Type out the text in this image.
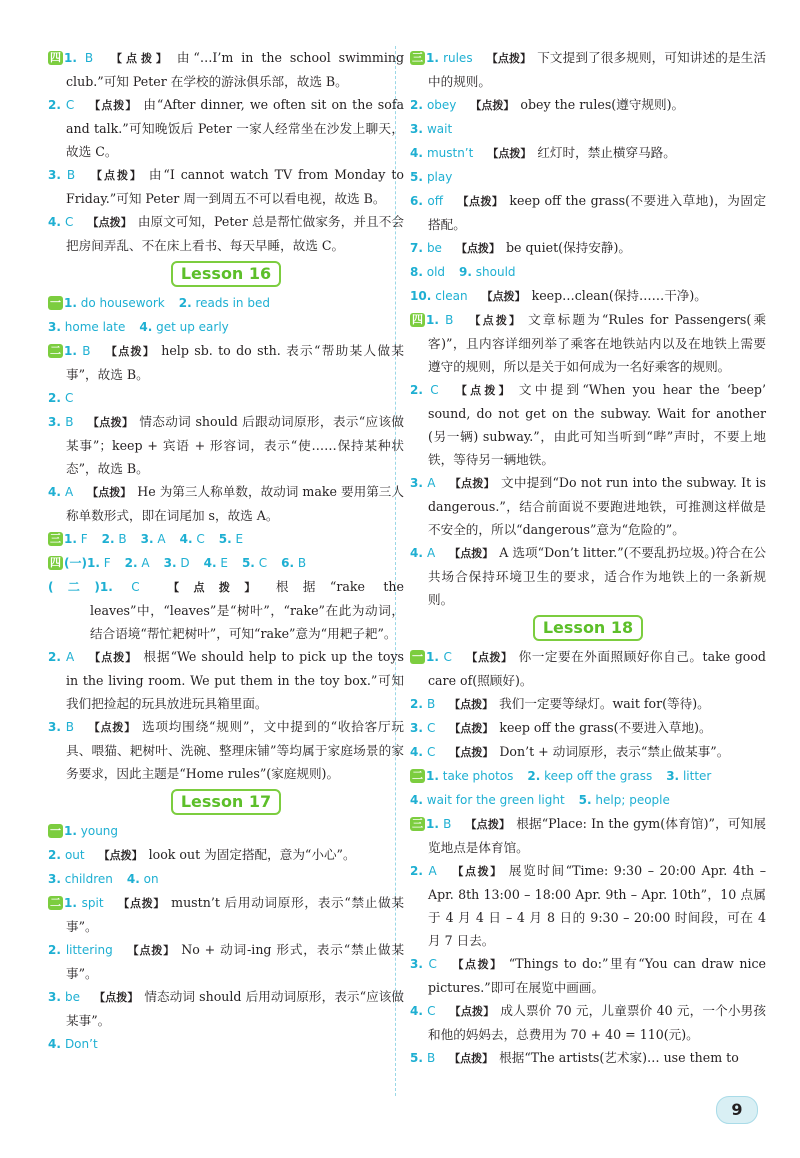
四 1. B 【点拨】 由“…I’m in the school swimming club.”可知 Peter 在学校的游泳俱乐部，故选 B。

2. C 【点拨】 由“After dinner, we often sit on the sofa and talk.”可知晚饭后 Peter 一家人经常坐在沙发上聊天，故选 C。

3. B 【点拨】 由“I cannot watch TV from Monday to Friday.”可知 Peter 周一到周五不可以看电视，故选 B。

4. C 【点拨】 由原文可知，Peter 总是帮忙做家务，并且不会把房间弄乱、不在床上看书、每天早睡，故选 C。

Lesson 16

一 1. do housework 2. reads in bed

3. home late 4. get up early

二 1. B 【点拨】 help sb. to do sth. 表示“帮助某人做某事”，故选 B。

2. C

3. B 【点拨】 情态动词 should 后跟动词原形，表示“应该做某事”；keep + 宾语 + 形容词，表示“使……保持某种状态”，故选 B。

4. A 【点拨】 He 为第三人称单数，故动词 make 要用第三人称单数形式，即在词尾加 s，故选 A。

三 1. F 2. B 3. A 4. C 5. E

四 (一)1. F 2. A 3. D 4. E 5. C 6. B

(二)1. C 【点拨】 根据“rake the leaves”中，“leaves”是“树叶”，“rake”在此为动词，结合语境“帮忙耙树叶”，可知“rake”意为“用耙子耙”。

2. A 【点拨】 根据“We should help to pick up the toys in the living room. We put them in the toy box.”可知我们把捡起的玩具放进玩具箱里面。

3. B 【点拨】 选项均围绕“规则”，文中提到的“收拾客厅玩具、喂猫、耙树叶、洗碗、整理床铺”等均属于家庭场景的家务要求，因此主题是“Home rules”(家庭规则)。

Lesson 17

一 1. young

2. out 【点拨】 look out 为固定搭配，意为“小心”。

3. children 4. on

二 1. spit 【点拨】 mustn’t 后用动词原形，表示“禁止做某事”。

2. littering 【点拨】 No + 动词-ing 形式，表示“禁止做某事”。

3. be 【点拨】 情态动词 should 后用动词原形，表示“应该做某事”。

4. Don’t

三 1. rules 【点拨】 下文提到了很多规则，可知讲述的是生活中的规则。

2. obey 【点拨】 obey the rules(遵守规则)。

3. wait

4. mustn’t 【点拨】 红灯时，禁止横穿马路。

5. play

6. off 【点拨】 keep off the grass(不要进入草地)，为固定搭配。

7. be 【点拨】 be quiet(保持安静)。

8. old 9. should

10. clean 【点拨】 keep…clean(保持……干净)。

四 1. B 【点拨】 文章标题为“Rules for Passengers(乘客)”，且内容详细列举了乘客在地铁站内以及在地铁上需要遵守的规则，所以是关于如何成为一名好乘客的规则。

2. C 【点拨】 文中提到“When you hear the ‘beep’ sound, do not get on the subway. Wait for another (另一辆) subway.”，由此可知当听到“哔”声时，不要上地铁，等待另一辆地铁。

3. A 【点拨】 文中提到“Do not run into the subway. It is dangerous.”，结合前面说不要跑进地铁，可推测这样做是不安全的，所以“dangerous”意为“危险的”。

4. A 【点拨】 A 选项“Don’t litter.”(不要乱扔垃圾。)符合在公共场合保持环境卫生的要求，适合作为地铁上的一条新规则。

Lesson 18

一 1. C 【点拨】 你一定要在外面照顾好你自己。take good care of(照顾好)。

2. B 【点拨】 我们一定要等绿灯。wait for(等待)。

3. C 【点拨】 keep off the grass(不要进入草地)。

4. C 【点拨】 Don’t + 动词原形，表示“禁止做某事”。

二 1. take photos 2. keep off the grass 3. litter

4. wait for the green light 5. help; people

三 1. B 【点拨】 根据“Place: In the gym(体育馆)”，可知展览地点是体育馆。

2. A 【点拨】 展览时间“Time: 9:30 – 20:00 Apr. 4th – Apr. 8th 13:00 – 18:00 Apr. 9th – Apr. 10th”，10 点属于 4 月 4 日 – 4 月 8 日的 9:30 – 20:00 时间段，可在 4 月 7 日去。

3. C 【点拨】 “Things to do:”里有“You can draw nice pictures.”即可在展览中画画。

4. C 【点拨】 成人票价 70 元，儿童票价 40 元，一个小男孩和他的妈妈去，总费用为 70 + 40 = 110(元)。

5. B 【点拨】 根据“The artists(艺术家)… use them to

9
